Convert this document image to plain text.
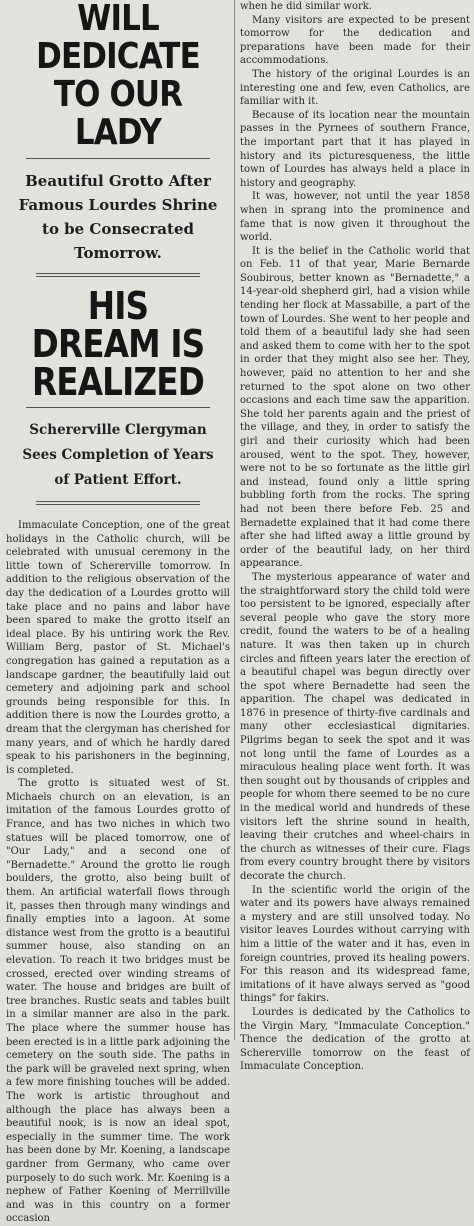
WILL DEDICATE
TO OUR LADY
Beautiful Grotto After Famous Lourdes Shrine to be Consecrated Tomorrow.
HIS DREAM IS REALIZED
Schererville Clergyman Sees Completion of Years of Patient Effort.

Immaculate Conception, one of the great holidays in the Catholic church, will be celebrated with unusual ceremony in the little town of Schererville tomorrow. In addition to the religious observation of the day the dedication of a Lourdes grotto will take place and no pains and labor have been spared to make the grotto itself an ideal place. By his untiring work the Rev. William Berg, pastor of St. Michael's congregation has gained a reputation as a landscape gardner, the beautifully laid out cemetery and adjoining park and school grounds being responsible for this. In addition there is now the Lourdes grotto, a dream that the clergyman has cherished for many years, and of which he hardly dared speak to his parishoners in the beginning, is completed.

The grotto is situated west of St. Michaels church on an elevation, is an imitation of the famous Lourdes grotto of France, and has two niches in which two statues will be placed tomorrow, one of "Our Lady," and a second one of "Bernadette." Around the grotto lie rough boulders, the grotto, also being built of them. An artificial waterfall flows through it, passes then through many windings and finally empties into a lagoon. At some distance west from the grotto is a beautiful summer house, also standing on an elevation. To reach it two bridges must be crossed, erected over winding streams of water. The house and bridges are built of tree branches. Rustic seats and tables built in a similar manner are also in the park. The place where the summer house has been erected is in a little park adjoining the cemetery on the south side. The paths in the park will be graveled next spring, when a few more finishing touches will be added. The work is artistic throughout and although the place has always been a beautiful nook, is is now an ideal spot, especially in the summer time. The work has been done by Mr. Koening, a landscape gardner from Germany, who came over purposely to do such work. Mr. Koening is a nephew of Father Koening of Merrillville and was in this country on a former occasion

when he did similar work.

Many visitors are expected to be present tomorrow for the dedication and preparations have been made for their accommodations.

The history of the original Lourdes is an interesting one and few, even Catholics, are familiar with it.

Because of its location near the mountain passes in the Pyrnees of southern France, the important part that it has played in history and its picturesqueness, the little town of Lourdes has always held a place in history and geography.

It was, however, not until the year 1858 when in sprang into the prominence and fame that is now given it throughout the world.

It is the belief in the Catholic world that on Feb. 11 of that year, Marie Bernarde Soubirous, better known as "Bernadette," a 14-year-old shepherd girl, had a vision while tending her flock at Massabille, a part of the town of Lourdes. She went to her people and told them of a beautiful lady she had seen and asked them to come with her to the spot in order that they might also see her. They, however, paid no attention to her and she returned to the spot alone on two other occasions and each time saw the apparition. She told her parents again and the priest of the village, and they, in order to satisfy the girl and their curiosity which had been aroused, went to the spot. They, however, were not to be so fortunate as the little girl and instead, found only a little spring bubbling forth from the rocks. The spring had not been there before Feb. 25 and Bernadette explained that it had come there after she had lifted away a little ground by order of the beautiful lady, on her third appearance.

The mysterious appearance of water and the straightforward story the child told were too persistent to be ignored, especially after several people who gave the story more credit, found the waters to be of a healing nature. It was then taken up in church circles and fifteen years later the erection of a beautiful chapel was begun directly over the spot where Bernadette had seen the apparition. The chapel was dedicated in 1876 in presence of thirty-five cardinals and many other ecclesiastical dignitaries. Pilgrims began to seek the spot and it was not long until the fame of Lourdes as a miraculous healing place went forth. It was then sought out by thousands of cripples and people for whom there seemed to be no cure in the medical world and hundreds of these visitors left the shrine sound in health, leaving their crutches and wheel-chairs in the church as witnesses of their cure. Flags from every country brought there by visitors decorate the church.

In the scientific world the origin of the water and its powers have always remained a mystery and are still unsolved today. No visitor leaves Lourdes without carrying with him a little of the water and it has, even in foreign countries, proved its healing powers. For this reason and its widespread fame, imitations of it have always served as "good things" for fakirs.

Lourdes is dedicated by the Catholics to the Virgin Mary, "Immaculate Conception." Thence the dedication of the grotto at Schererville tomorrow on the feast of Immaculate Conception.
